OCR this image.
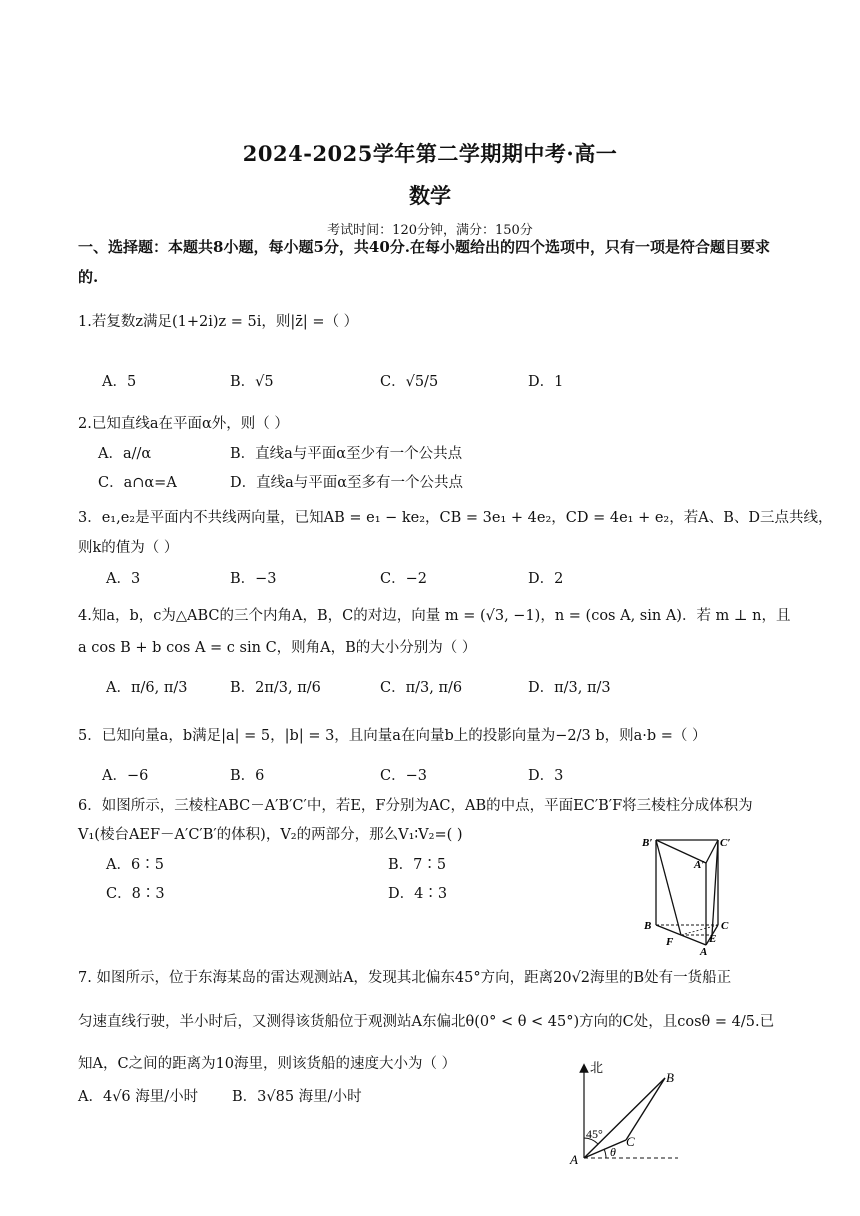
2024-2025学年第二学期期中考·高一
数学
考试时间：120分钟，满分：150分
一、选择题：本题共8小题，每小题5分，共40分.在每小题给出的四个选项中，只有一项是符合题目要求的.
1.若复数z满足(1+2i)z = 5i，则|z̄| =（ ）
A．5	B．√5	C．√5/5	D．1
2.已知直线a在平面α外，则（ ）
A．a//α	B．直线a与平面α至少有一个公共点
C．a∩α=A	D．直线a与平面α至多有一个公共点
3．e₁,e₂是平面内不共线两向量，已知AB = e₁ − ke₂，CB = 3e₁ + 4e₂，CD = 4e₁ + e₂，若A、B、D三点共线，
则k的值为（ ）
A．3	B．−3	C．−2	D．2
4.知a，b，c为△ABC的三个内角A，B，C的对边，向量 m = (√3, −1)，n = (cos A, sin A)．若 m ⊥ n，且
a cos B + b cos A = c sin C，则角A，B的大小分别为（ ）
A．π/6, π/3	B．2π/3, π/6	C．π/3, π/6	D．π/3, π/3
5．已知向量a，b满足|a| = 5，|b| = 3，且向量a在向量b上的投影向量为−2/3 b，则a·b =（ ）
A．−6	B．6	C．−3	D．3
6．如图所示，三棱柱ABC－A′B′C′中，若E，F分别为AC，AB的中点，平面EC′B′F将三棱柱分成体积为
V₁(棱台AEF－A′C′B′的体积)，V₂的两部分，那么V₁∶V₂=( )
A．6∶5	B．7∶5
C．8∶3	D．4∶3
B′	C′
A′
B	C
F	E
A
7. 如图所示，位于东海某岛的雷达观测站A，发现其北偏东45°方向，距离20√2海里的B处有一货船正
匀速直线行驶，半小时后，又测得该货船位于观测站A东偏北θ(0° < θ < 45°)方向的C处，且cosθ = 4/5.已
知A，C之间的距离为10海里，则该货船的速度大小为（ ）
A．4√6 海里/小时 B．3√85 海里/小时
北
B
45° C
θ
A
